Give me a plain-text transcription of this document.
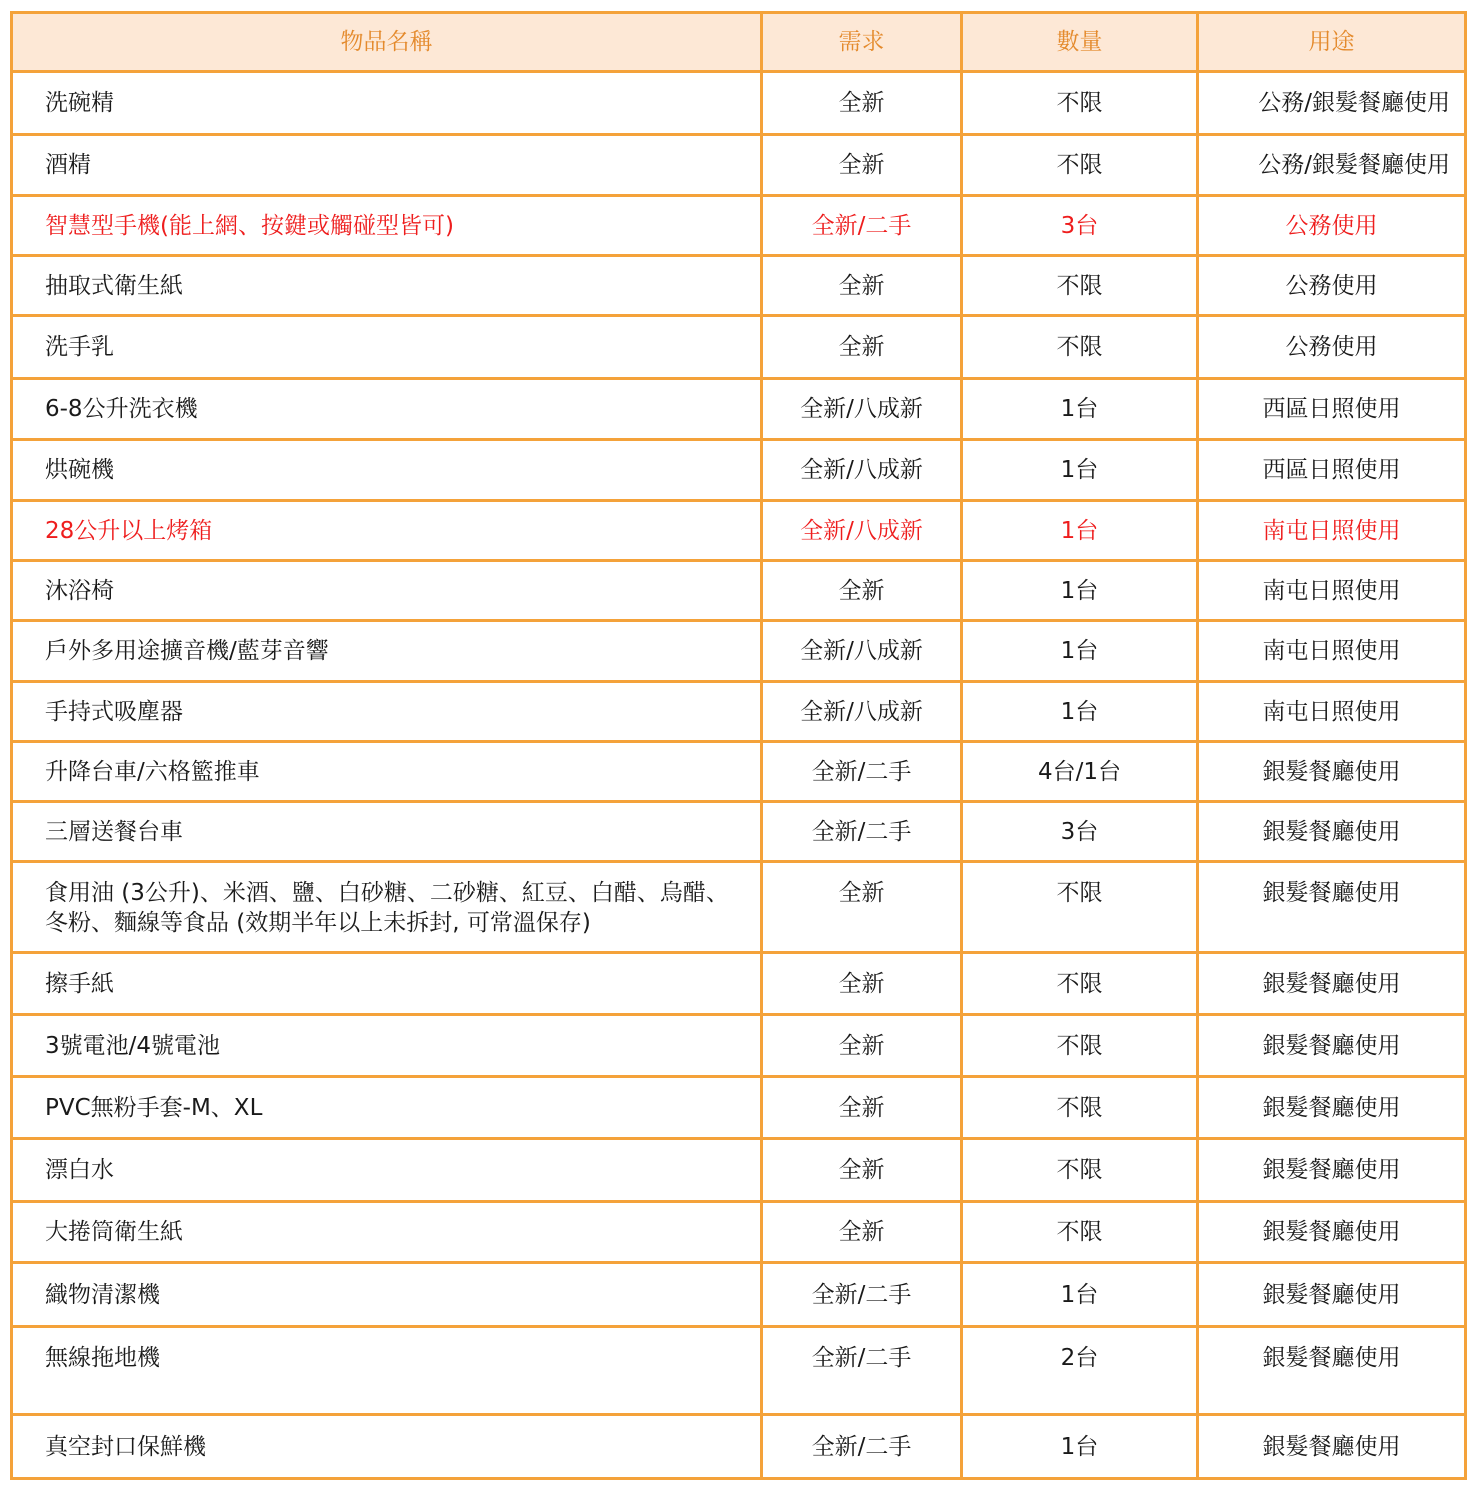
物品名稱	需求	數量	用途
洗碗精	全新	不限	公務/銀髮餐廳使用
酒精	全新	不限	公務/銀髮餐廳使用
智慧型手機(能上網、按鍵或觸碰型皆可)	全新/二手	3台	公務使用
抽取式衛生紙	全新	不限	公務使用
洗手乳	全新	不限	公務使用
6-8公升洗衣機	全新/八成新	1台	西區日照使用
烘碗機	全新/八成新	1台	西區日照使用
28公升以上烤箱	全新/八成新	1台	南屯日照使用
沐浴椅	全新	1台	南屯日照使用
戶外多用途擴音機/藍芽音響	全新/八成新	1台	南屯日照使用
手持式吸塵器	全新/八成新	1台	南屯日照使用
升降台車/六格籃推車	全新/二手	4台/1台	銀髮餐廳使用
三層送餐台車	全新/二手	3台	銀髮餐廳使用
食用油 (3公升)、米酒、鹽、白砂糖、二砂糖、紅豆、白醋、烏醋、冬粉、麵線等食品 (效期半年以上未拆封, 可常溫保存)	全新	不限	銀髮餐廳使用
擦手紙	全新	不限	銀髮餐廳使用
3號電池/4號電池	全新	不限	銀髮餐廳使用
PVC無粉手套-M、XL	全新	不限	銀髮餐廳使用
漂白水	全新	不限	銀髮餐廳使用
大捲筒衛生紙	全新	不限	銀髮餐廳使用
織物清潔機	全新/二手	1台	銀髮餐廳使用
無線拖地機	全新/二手	2台	銀髮餐廳使用
真空封口保鮮機	全新/二手	1台	銀髮餐廳使用
